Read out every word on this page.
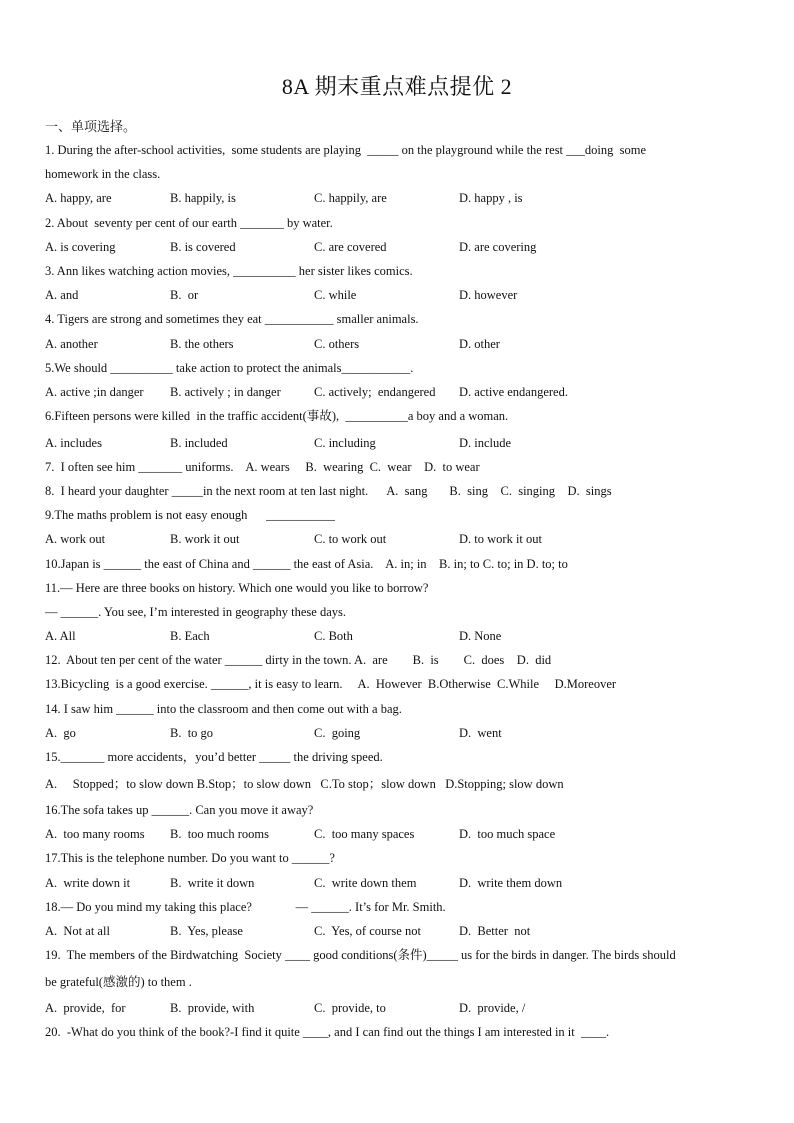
8A 期末重点难点提优 2
一、单项选择。
1. During the after-school activities,  some students are playing  _____ on the playground while the rest ___doing  some
homework in the class.
A. happy, are	B. happily, is	C. happily, are	D. happy , is
2. About  seventy per cent of our earth _______ by water.
A. is covering	B. is covered	C. are covered	D. are covering
3. Ann likes watching action movies, __________ her sister likes comics.
A. and	B.  or	C. while	D. however
4. Tigers are strong and sometimes they eat ___________ smaller animals.
A. another	B. the others	C. others	D. other
5.We should __________ take action to protect the animals___________.
A. active ;in danger B. actively ; in danger	C. actively;  endangered D. active endangered.
6.Fifteen persons were killed  in the traffic accident(事故),  __________a boy and a woman.
A. includes	B. included	C. including	D. include
7.  I often see him _______ uniforms.    A. wears     B.  wearing  C.  wear    D.  to wear
8.  I heard your daughter _____in the next room at ten last night.      A.  sang       B.  sing    C.  singing    D.  sings
9.The maths problem is not easy enough      ___________
A. work out	B. work it out	C. to work out	D. to work it out
10.Japan is ______ the east of China and ______ the east of Asia.    A. in; in    B. in; to C. to; in D. to; to
11.— Here are three books on history. Which one would you like to borrow?
— ______. You see, I’m interested in geography these days.
A. All	B. Each	C. Both	D. None
12.  About ten per cent of the water ______ dirty in the town. A.  are        B.  is        C.  does    D.  did
13.Bicycling  is a good exercise. ______, it is easy to learn.     A.  However  B.Otherwise  C.While     D.Moreover
14. I saw him ______ into the classroom and then come out with a bag.
A.  go	B.  to go	C.  going	D.  went
15._______ more accidents，you’d better _____ the driving speed.
A.     Stopped；to slow down B.Stop；to slow down   C.To stop；slow down   D.Stopping; slow down
16.The sofa takes up ______. Can you move it away?
A.  too many rooms B.  too much rooms	C.  too many spaces	D.  too much space
17.This is the telephone number. Do you want to ______?
A.  write down it	B.  write it down	C.  write down them	D.  write them down
18.— Do you mind my taking this place?              — ______. It’s for Mr. Smith.
A.  Not at all	B.  Yes, please	C.  Yes, of course not	D.  Better  not
19.  The members of the Birdwatching  Society ____ good conditions(条件)_____ us for the birds in danger. The birds should
be grateful(感激的) to them .
A.  provide,  for	B.  provide, with	C.  provide, to	D.  provide, /
20.  -What do you think of the book?-I find it quite ____, and I can find out the things I am interested in it  ____.
